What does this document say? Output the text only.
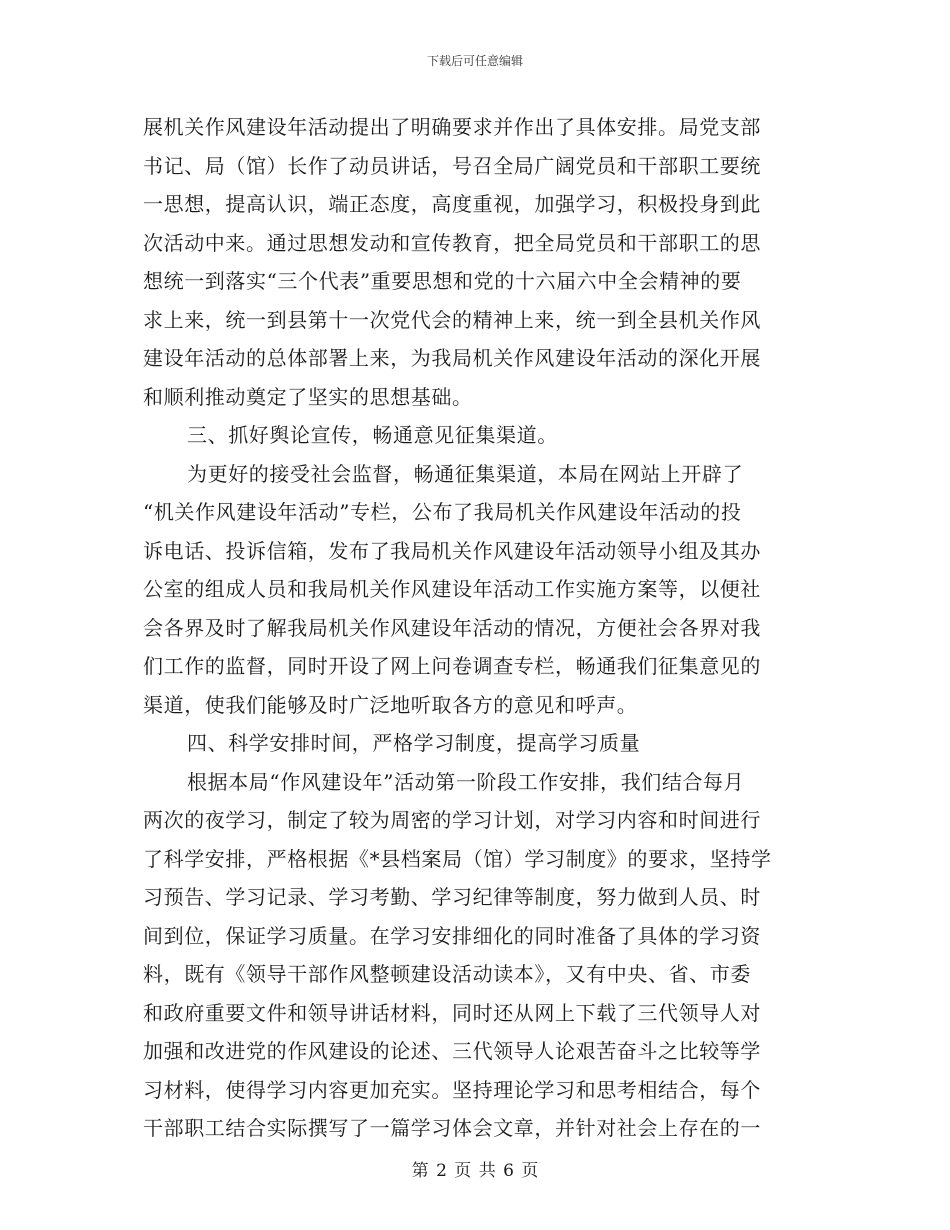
下载后可任意编辑
展机关作风建设年活动提出了明确要求并作出了具体安排。局党支部
书记、局（馆）长作了动员讲话，号召全局广阔党员和干部职工要统
一思想，提高认识，端正态度，高度重视，加强学习，积极投身到此
次活动中来。通过思想发动和宣传教育，把全局党员和干部职工的思
想统一到落实“三个代表”重要思想和党的十六届六中全会精神的要
求上来，统一到县第十一次党代会的精神上来，统一到全县机关作风
建设年活动的总体部署上来，为我局机关作风建设年活动的深化开展
和顺利推动奠定了坚实的思想基础。
三、抓好舆论宣传，畅通意见征集渠道。
为更好的接受社会监督，畅通征集渠道，本局在网站上开辟了
“机关作风建设年活动”专栏，公布了我局机关作风建设年活动的投
诉电话、投诉信箱，发布了我局机关作风建设年活动领导小组及其办
公室的组成人员和我局机关作风建设年活动工作实施方案等，以便社
会各界及时了解我局机关作风建设年活动的情况，方便社会各界对我
们工作的监督，同时开设了网上问卷调查专栏，畅通我们征集意见的
渠道，使我们能够及时广泛地听取各方的意见和呼声。
四、科学安排时间，严格学习制度，提高学习质量
根据本局“作风建设年”活动第一阶段工作安排，我们结合每月
两次的夜学习，制定了较为周密的学习计划，对学习内容和时间进行
了科学安排，严格根据《*县档案局（馆）学习制度》的要求，坚持学
习预告、学习记录、学习考勤、学习纪律等制度，努力做到人员、时
间到位，保证学习质量。在学习安排细化的同时准备了具体的学习资
料，既有《领导干部作风整顿建设活动读本》，又有中央、省、市委
和政府重要文件和领导讲话材料，同时还从网上下载了三代领导人对
加强和改进党的作风建设的论述、三代领导人论艰苦奋斗之比较等学
习材料，使得学习内容更加充实。坚持理论学习和思考相结合，每个
干部职工结合实际撰写了一篇学习体会文章，并针对社会上存在的一
第 2 页 共 6 页
